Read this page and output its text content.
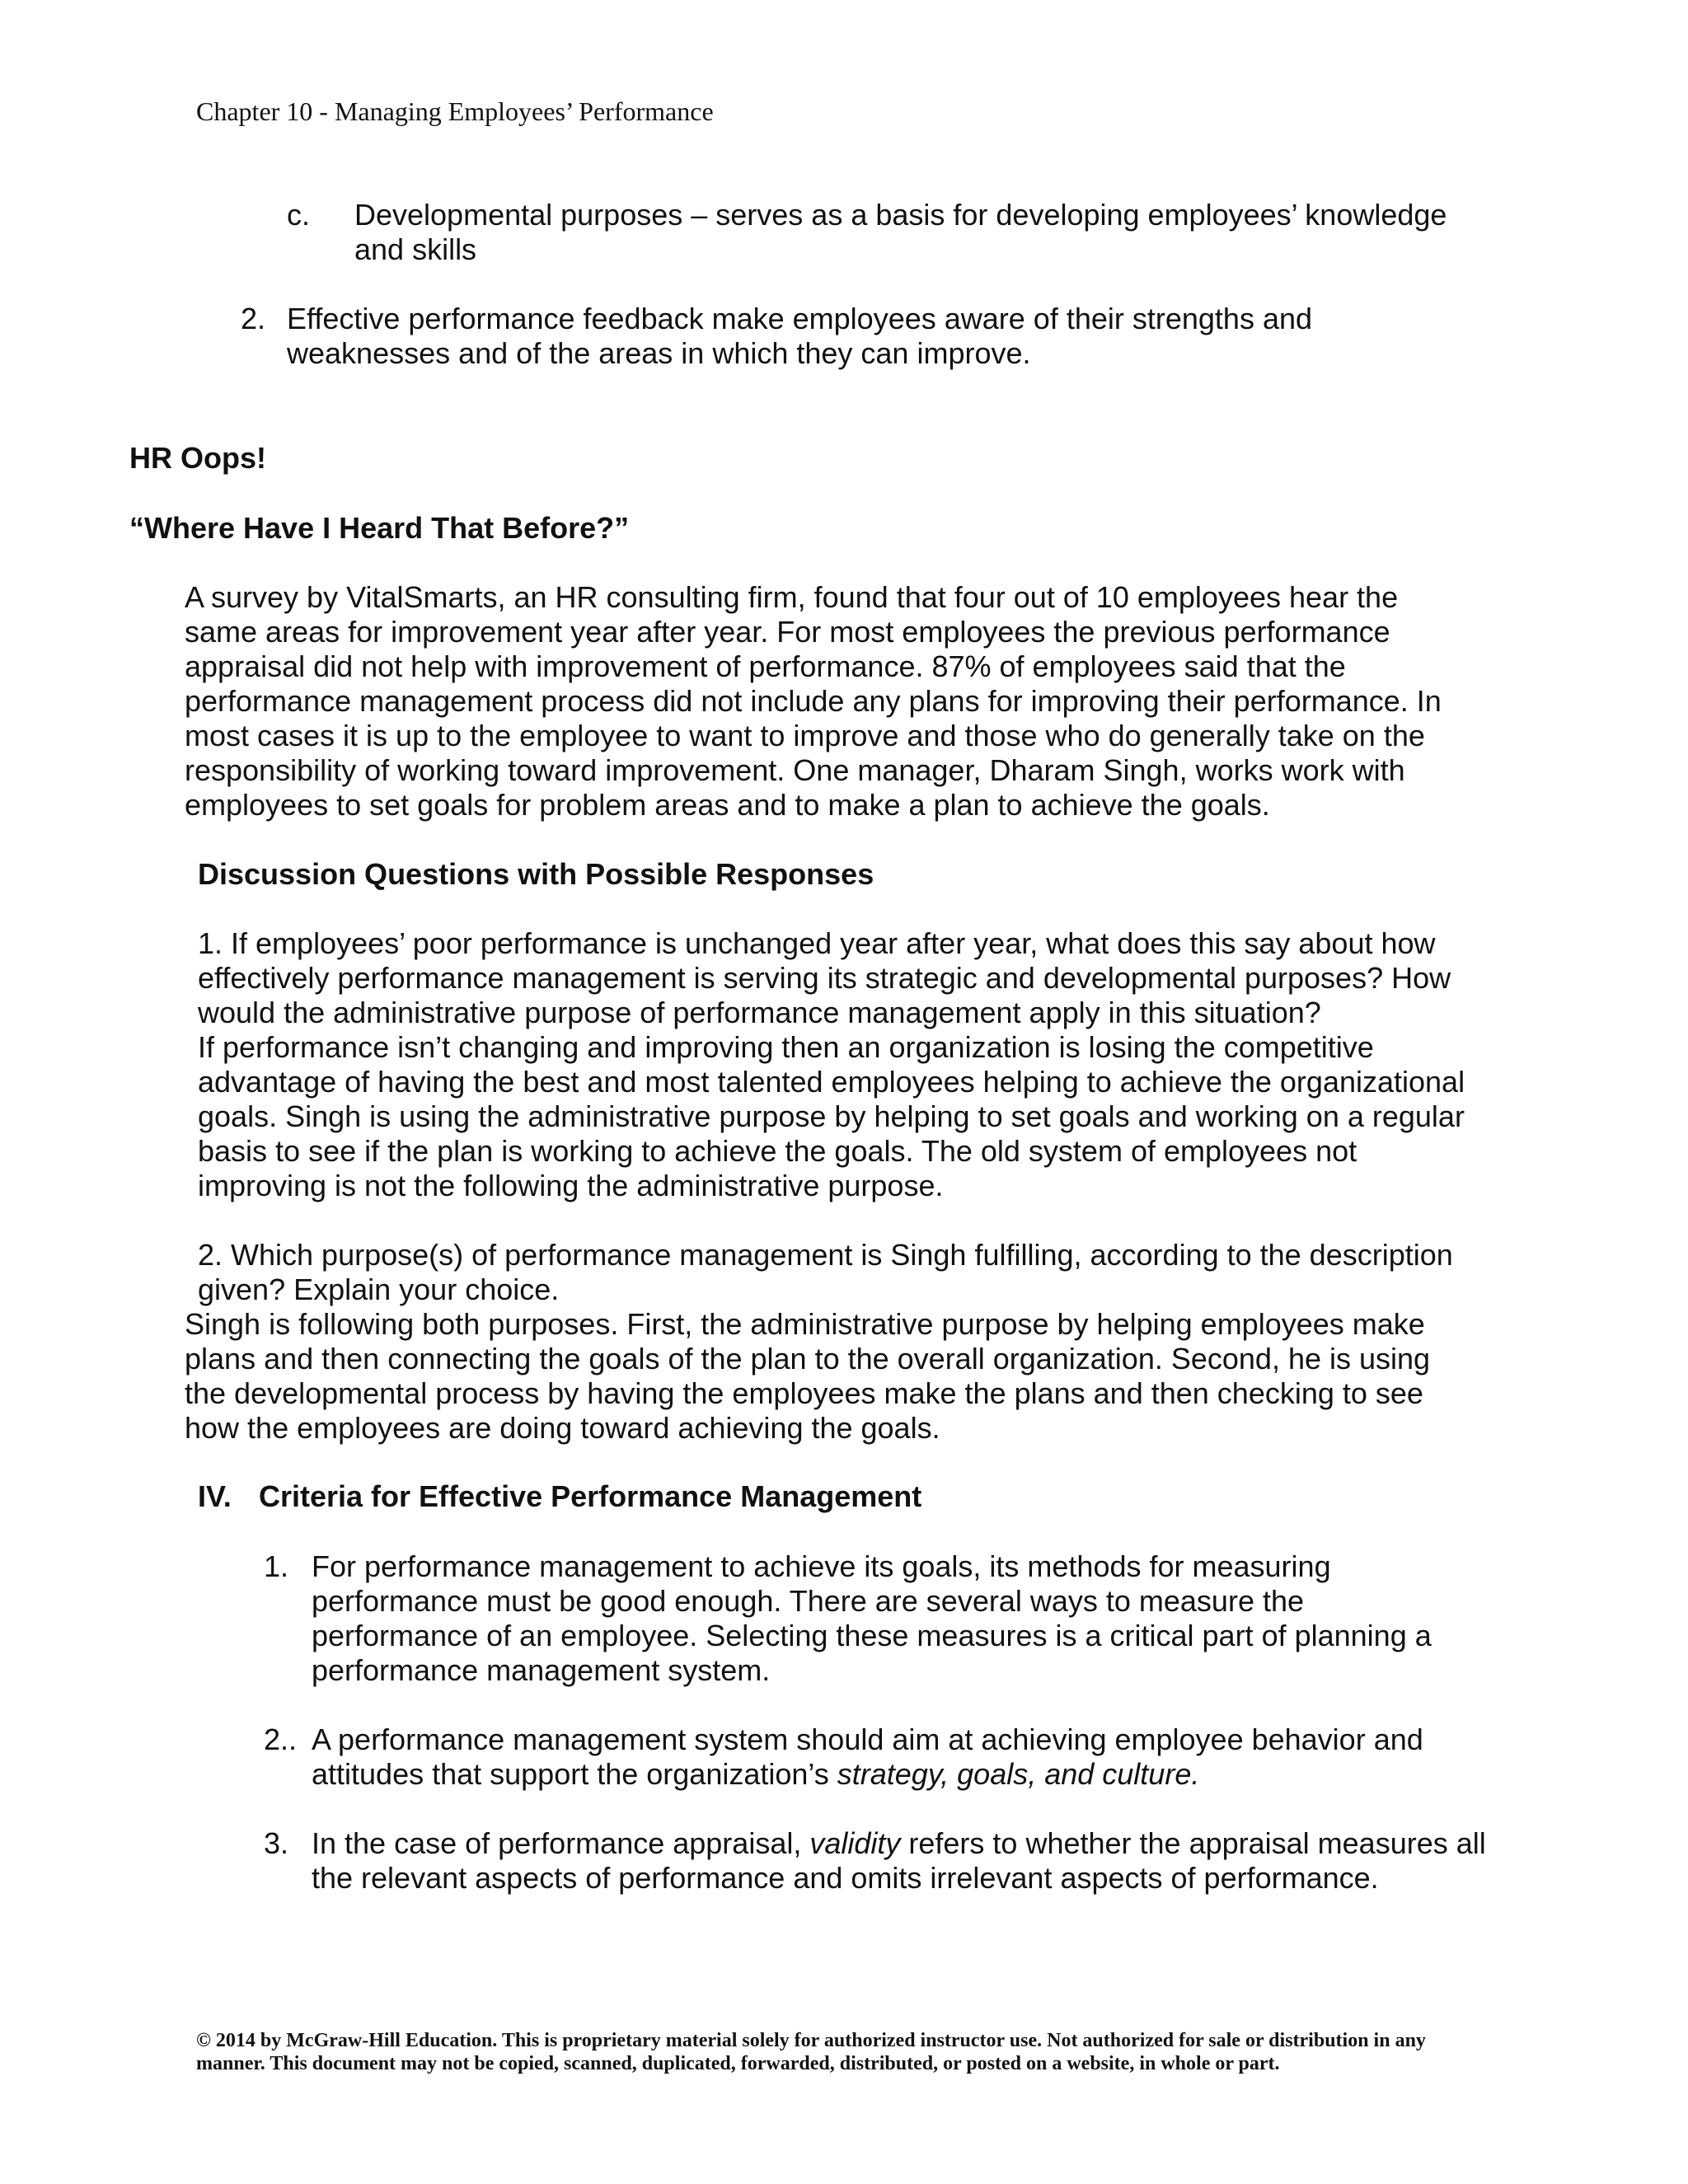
Chapter 10 - Managing Employees’ Performance
c. Developmental purposes – serves as a basis for developing employees’ knowledge and skills
2. Effective performance feedback make employees aware of their strengths and weaknesses and of the areas in which they can improve.
HR Oops!
“Where Have I Heard That Before?”
A survey by VitalSmarts, an HR consulting firm, found that four out of 10 employees hear the same areas for improvement year after year. For most employees the previous performance appraisal did not help with improvement of performance. 87% of employees said that the performance management process did not include any plans for improving their performance. In most cases it is up to the employee to want to improve and those who do generally take on the responsibility of working toward improvement. One manager, Dharam Singh, works work with employees to set goals for problem areas and to make a plan to achieve the goals.
Discussion Questions with Possible Responses
1. If employees’ poor performance is unchanged year after year, what does this say about how effectively performance management is serving its strategic and developmental purposes? How would the administrative purpose of performance management apply in this situation?
If performance isn’t changing and improving then an organization is losing the competitive advantage of having the best and most talented employees helping to achieve the organizational goals. Singh is using the administrative purpose by helping to set goals and working on a regular basis to see if the plan is working to achieve the goals. The old system of employees not improving is not the following the administrative purpose.
2. Which purpose(s) of performance management is Singh fulfilling, according to the description given? Explain your choice.
Singh is following both purposes. First, the administrative purpose by helping employees make plans and then connecting the goals of the plan to the overall organization. Second, he is using the developmental process by having the employees make the plans and then checking to see how the employees are doing toward achieving the goals.
IV. Criteria for Effective Performance Management
1. For performance management to achieve its goals, its methods for measuring performance must be good enough. There are several ways to measure the performance of an employee. Selecting these measures is a critical part of planning a performance management system.
2.. A performance management system should aim at achieving employee behavior and attitudes that support the organization’s strategy, goals, and culture.
3. In the case of performance appraisal, validity refers to whether the appraisal measures all the relevant aspects of performance and omits irrelevant aspects of performance.
© 2014 by McGraw-Hill Education. This is proprietary material solely for authorized instructor use. Not authorized for sale or distribution in any manner. This document may not be copied, scanned, duplicated, forwarded, distributed, or posted on a website, in whole or part.
